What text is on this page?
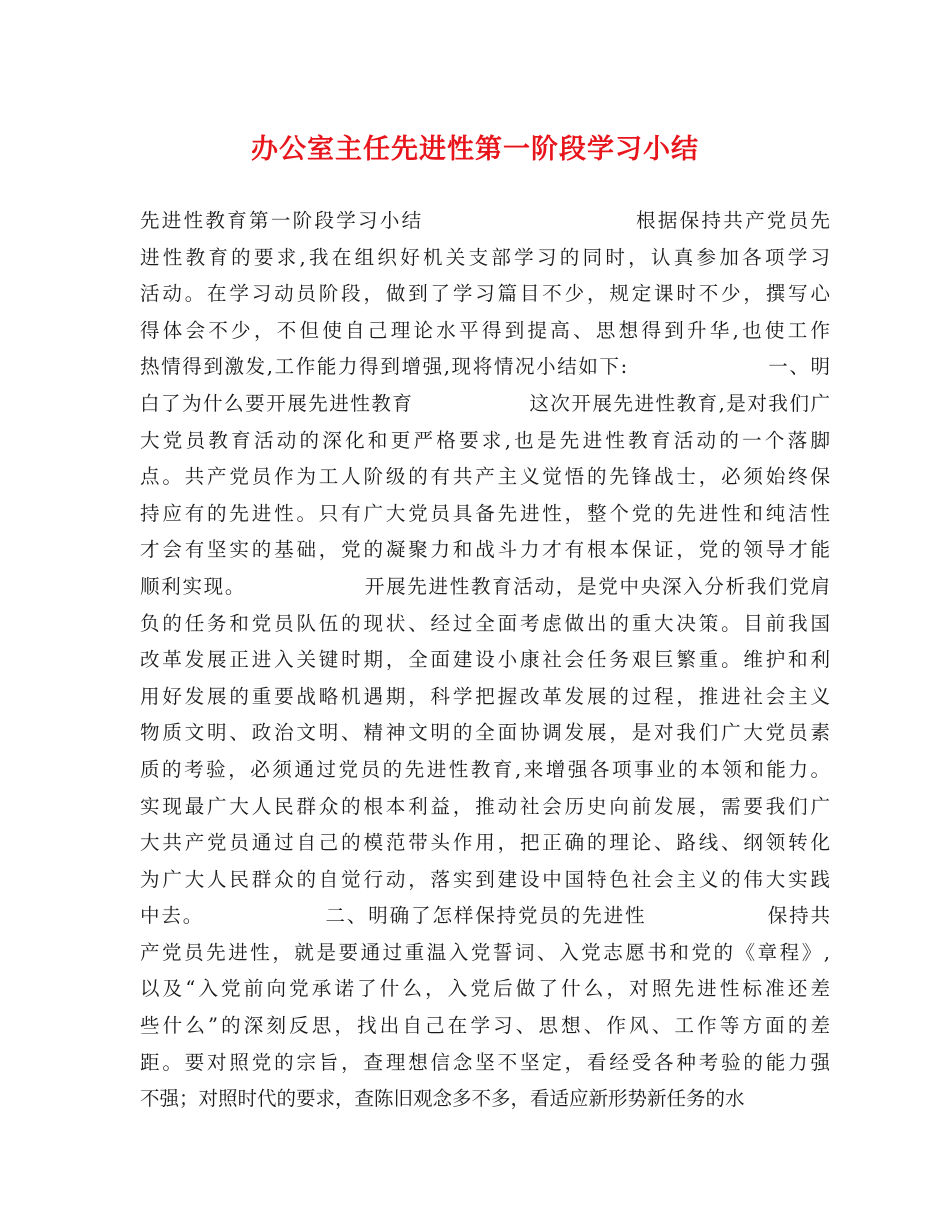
办公室主任先进性第一阶段学习小结
先进性教育第一阶段学习小结                         根据保持共产党员先
进性教育的要求,我在组织好机关支部学习的同时，认真参加各项学习
活动。在学习动员阶段，做到了学习篇目不少，规定课时不少，撰写心
得体会不少，不但使自己理论水平得到提高、思想得到升华,也使工作
热情得到激发,工作能力得到增强,现将情况小结如下:                  一、明
白了为什么要开展先进性教育               这次开展先进性教育,是对我们广
大党员教育活动的深化和更严格要求,也是先进性教育活动的一个落脚
点。共产党员作为工人阶级的有共产主义觉悟的先锋战士，必须始终保
持应有的先进性。只有广大党员具备先进性，整个党的先进性和纯洁性
才会有坚实的基础，党的凝聚力和战斗力才有根本保证，党的领导才能
顺利实现。               开展先进性教育活动，是党中央深入分析我们党肩
负的任务和党员队伍的现状、经过全面考虑做出的重大决策。目前我国
改革发展正进入关键时期，全面建设小康社会任务艰巨繁重。维护和利
用好发展的重要战略机遇期，科学把握改革发展的过程，推进社会主义
物质文明、政治文明、精神文明的全面协调发展，是对我们广大党员素
质的考验，必须通过党员的先进性教育,来增强各项事业的本领和能力。
实现最广大人民群众的根本利益，推动社会历史向前发展，需要我们广
大共产党员通过自己的模范带头作用，把正确的理论、路线、纲领转化
为广大人民群众的自觉行动，落实到建设中国特色社会主义的伟大实践
中去。               二、明确了怎样保持党员的先进性               保持共
产党员先进性，就是要通过重温入党誓词、入党志愿书和党的《章程》,
以及“入党前向党承诺了什么，入党后做了什么，对照先进性标准还差
些什么”的深刻反思，找出自己在学习、思想、作风、工作等方面的差
距。要对照党的宗旨，查理想信念坚不坚定，看经受各种考验的能力强
不强；对照时代的要求，查陈旧观念多不多，看适应新形势新任务的水
